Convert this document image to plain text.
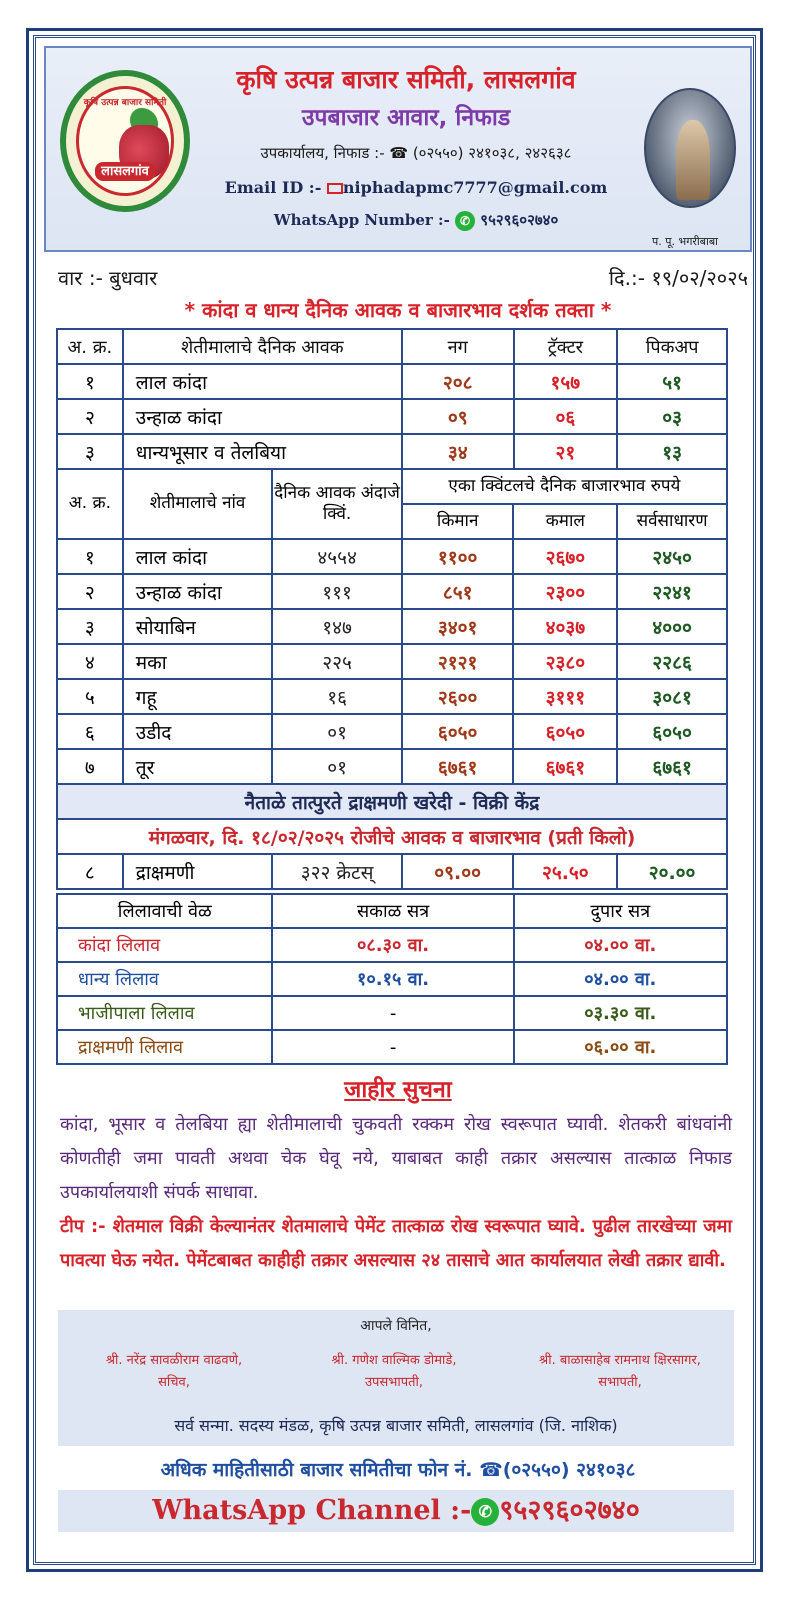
कृषि उत्पन्न बाजार समिती
लासलगांव
कृषि उत्पन्न बाजार समिती, लासलगांव
उपबाजार आवार, निफाड
उपकार्यालय, निफाड :- ☎ (०२५५०) २४१०३८, २४२६३८
Email ID :- niphadapmc7777@gmail.com
WhatsApp Number :- ✆ ९५२९६०२७४०
प. पू. भगरीबाबा
वार :- बुधवार	दि.:- १९/०२/२०२५
* कांदा व धान्य दैनिक आवक व बाजारभाव दर्शक तक्ता *
अ. क्र.	शेतीमालाचे दैनिक आवक	नग	ट्रॅक्टर	पिकअप
१	लाल कांदा	२०८	१५७	५१
२	उन्हाळ कांदा	०९	०६	०३
३	धान्यभूसार व तेलबिया	३४	२१	१३
अ. क्र.	शेतीमालाचे नांव	दैनिक आवक अंदाजे क्विं.	एका क्विंटलचे दैनिक बाजारभाव रुपये		
			किमान	कमाल	सर्वसाधारण
१	लाल कांदा	४५५४	११००	२६७०	२४५०
२	उन्हाळ कांदा	१११	८५१	२३००	२२४१
३	सोयाबिन	१४७	३४०१	४०३७	४०००
४	मका	२२५	२१२१	२३८०	२२८६
५	गहू	१६	२६००	३१११	३०८१
६	उडीद	०१	६०५०	६०५०	६०५०
७	तूर	०१	६७६१	६७६१	६७६१
नैताळे तात्पुरते द्राक्षमणी खरेदी - विक्री केंद्र					
मंगळवार, दि. १८/०२/२०२५ रोजीचे आवक व बाजारभाव (प्रती किलो)					
८	द्राक्षमणी	३२२ क्रेटस्	०९.००	२५.५०	२०.००
लिलावाची वेळ	सकाळ सत्र	दुपार सत्र
कांदा लिलाव	०८.३० वा.	०४.०० वा.
धान्य लिलाव	१०.१५ वा.	०४.०० वा.
भाजीपाला लिलाव	-	०३.३० वा.
द्राक्षमणी लिलाव	-	०६.०० वा.
जाहीर सुचना
कांदा, भूसार व तेलबिया ह्या शेतीमालाची चुकवती रक्कम रोख स्वरूपात घ्यावी. शेतकरी बांधवांनी कोणतीही जमा पावती अथवा चेक घेवू नये, याबाबत काही तक्रार असल्यास तात्काळ निफाड उपकार्यालयाशी संपर्क साधावा.
टीप :- शेतमाल विक्री केल्यानंतर शेतमालाचे पेमेंट तात्काळ रोख स्वरूपात घ्यावे. पुढील तारखेच्या जमा पावत्या घेऊ नयेत. पेमेंटबाबत काहीही तक्रार असल्यास २४ तासाचे आत कार्यालयात लेखी तक्रार द्यावी.
आपले विनित,
श्री. नरेंद्र सावळीराम वाढवणे,
सचिव,
श्री. गणेश वाल्मिक डोमाडे,
उपसभापती,
श्री. बाळासाहेब रामनाथ क्षिरसागर,
सभापती,
सर्व सन्मा. सदस्य मंडळ, कृषि उत्पन्न बाजार समिती, लासलगांव (जि. नाशिक)
अधिक माहितीसाठी बाजार समितीचा फोन नं. ☎(०२५५०) २४१०३८
WhatsApp Channel :- ✆ ९५२९६०२७४०
